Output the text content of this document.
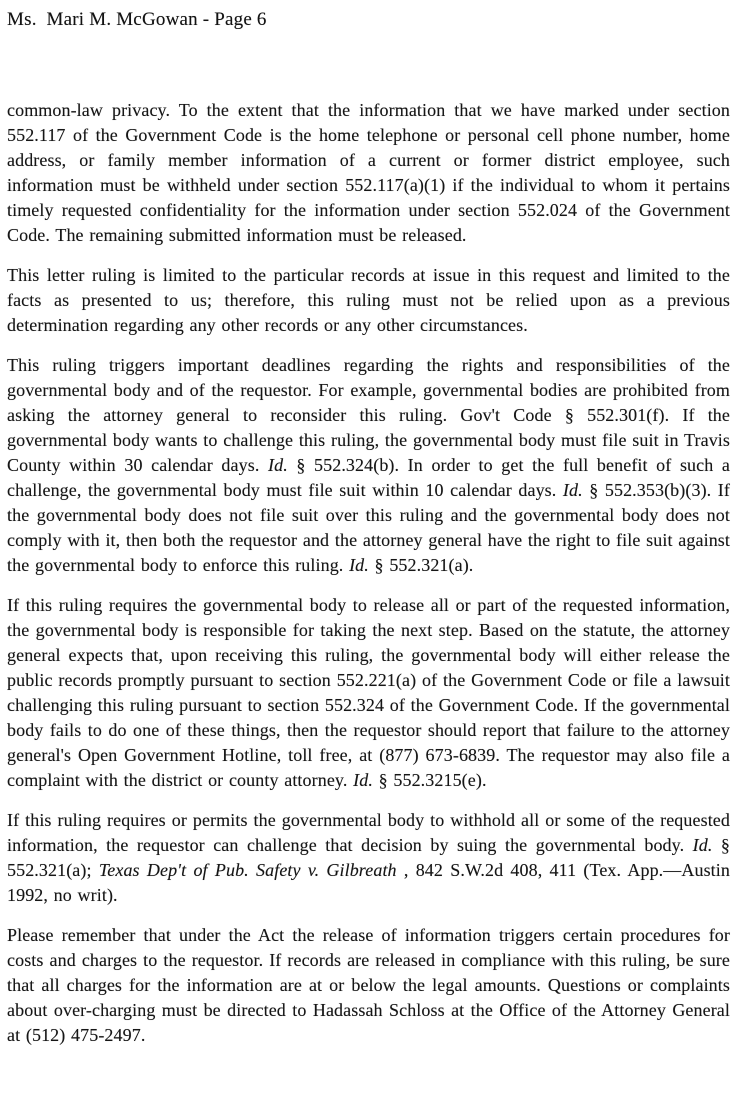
Ms.  Mari M. McGowan - Page 6

common-law privacy. To the extent that the information that we have marked under section 552.117 of the Government Code is the home telephone or personal cell phone number, home address, or family member information of a current or former district employee, such information must be withheld under section 552.117(a)(1) if the individual to whom it pertains timely requested confidentiality for the information under section 552.024 of the Government Code. The remaining submitted information must be released.

This letter ruling is limited to the particular records at issue in this request and limited to the facts as presented to us; therefore, this ruling must not be relied upon as a previous determination regarding any other records or any other circumstances.

This ruling triggers important deadlines regarding the rights and responsibilities of the governmental body and of the requestor. For example, governmental bodies are prohibited from asking the attorney general to reconsider this ruling. Gov't Code § 552.301(f). If the governmental body wants to challenge this ruling, the governmental body must file suit in Travis County within 30 calendar days. Id. § 552.324(b). In order to get the full benefit of such a challenge, the governmental body must file suit within 10 calendar days. Id. § 552.353(b)(3). If the governmental body does not file suit over this ruling and the governmental body does not comply with it, then both the requestor and the attorney general have the right to file suit against the governmental body to enforce this ruling. Id. § 552.321(a).

If this ruling requires the governmental body to release all or part of the requested information, the governmental body is responsible for taking the next step. Based on the statute, the attorney general expects that, upon receiving this ruling, the governmental body will either release the public records promptly pursuant to section 552.221(a) of the Government Code or file a lawsuit challenging this ruling pursuant to section 552.324 of the Government Code. If the governmental body fails to do one of these things, then the requestor should report that failure to the attorney general's Open Government Hotline, toll free, at (877) 673-6839. The requestor may also file a complaint with the district or county attorney. Id. § 552.3215(e).

If this ruling requires or permits the governmental body to withhold all or some of the requested information, the requestor can challenge that decision by suing the governmental body. Id. § 552.321(a); Texas Dep't of Pub. Safety v. Gilbreath , 842 S.W.2d 408, 411 (Tex. App.—Austin 1992, no writ).

Please remember that under the Act the release of information triggers certain procedures for costs and charges to the requestor. If records are released in compliance with this ruling, be sure that all charges for the information are at or below the legal amounts. Questions or complaints about over-charging must be directed to Hadassah Schloss at the Office of the Attorney General at (512) 475-2497.
